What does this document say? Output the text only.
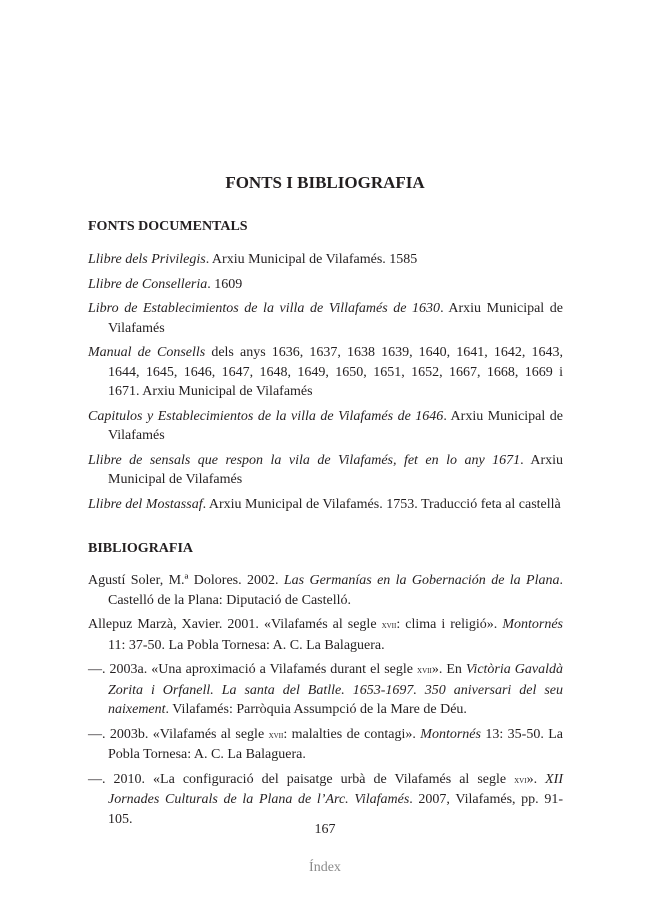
FONTS I BIBLIOGRAFIA
FONTS DOCUMENTALS
Llibre dels Privilegis. Arxiu Municipal de Vilafamés. 1585
Llibre de Conselleria. 1609
Libro de Establecimientos de la villa de Villafamés de 1630. Arxiu Municipal de Vilafamés
Manual de Consells dels anys 1636, 1637, 1638 1639, 1640, 1641, 1642, 1643, 1644, 1645, 1646, 1647, 1648, 1649, 1650, 1651, 1652, 1667, 1668, 1669 i 1671. Arxiu Municipal de Vilafamés
Capitulos y Establecimientos de la villa de Vilafamés de 1646. Arxiu Municipal de Vilafamés
Llibre de sensals que respon la vila de Vilafamés, fet en lo any 1671. Arxiu Municipal de Vilafamés
Llibre del Mostassaf. Arxiu Municipal de Vilafamés. 1753. Traducció feta al castellà
BIBLIOGRAFIA
Agustí Soler, M.ª Dolores. 2002. Las Germanías en la Gobernación de la Plana. Castelló de la Plana: Diputació de Castelló.
Allepuz Marzà, Xavier. 2001. «Vilafamés al segle xvii: clima i religió». Montornés 11: 37-50. La Pobla Tornesa: A. C. La Balaguera.
—. 2003a. «Una aproximació a Vilafamés durant el segle xvii». En Victòria Gavaldà Zorita i Orfanell. La santa del Batlle. 1653-1697. 350 aniversari del seu naixement. Vilafamés: Parròquia Assumpció de la Mare de Déu.
—. 2003b. «Vilafamés al segle xvii: malalties de contagi». Montornés 13: 35-50. La Pobla Tornesa: A. C. La Balaguera.
—. 2010. «La configuració del paisatge urbà de Vilafamés al segle xvi». XII Jornades Culturals de la Plana de l’Arc. Vilafamés. 2007, Vilafamés, pp. 91-105.
167
Índex
